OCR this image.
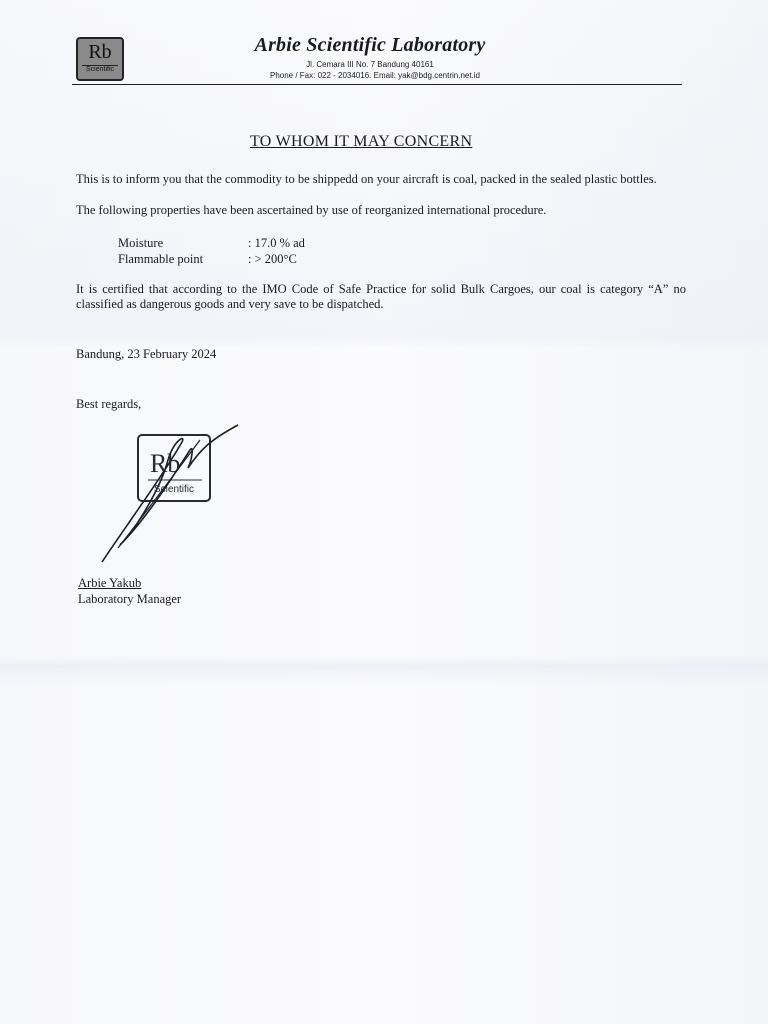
Rb
Scientific
Arbie Scientific Laboratory
Jl. Cemara III No. 7 Bandung 40161
Phone / Fax: 022 - 2034016. Email: yak@bdg.centrin.net.id
TO WHOM IT MAY CONCERN
This is to inform you that the commodity to be shippedd on your aircraft is coal, packed in the sealed plastic bottles.
The following properties have been ascertained by use of reorganized international procedure.
Moisture	: 17.0 % ad
Flammable point	: > 200°C
It is certified that according to the IMO Code of Safe Practice for solid Bulk Cargoes, our coal is category “A” no classified as dangerous goods and very save to be dispatched.
Bandung, 23 February 2024
Best regards,
Rb
Scientific
Arbie Yakub
Laboratory Manager
